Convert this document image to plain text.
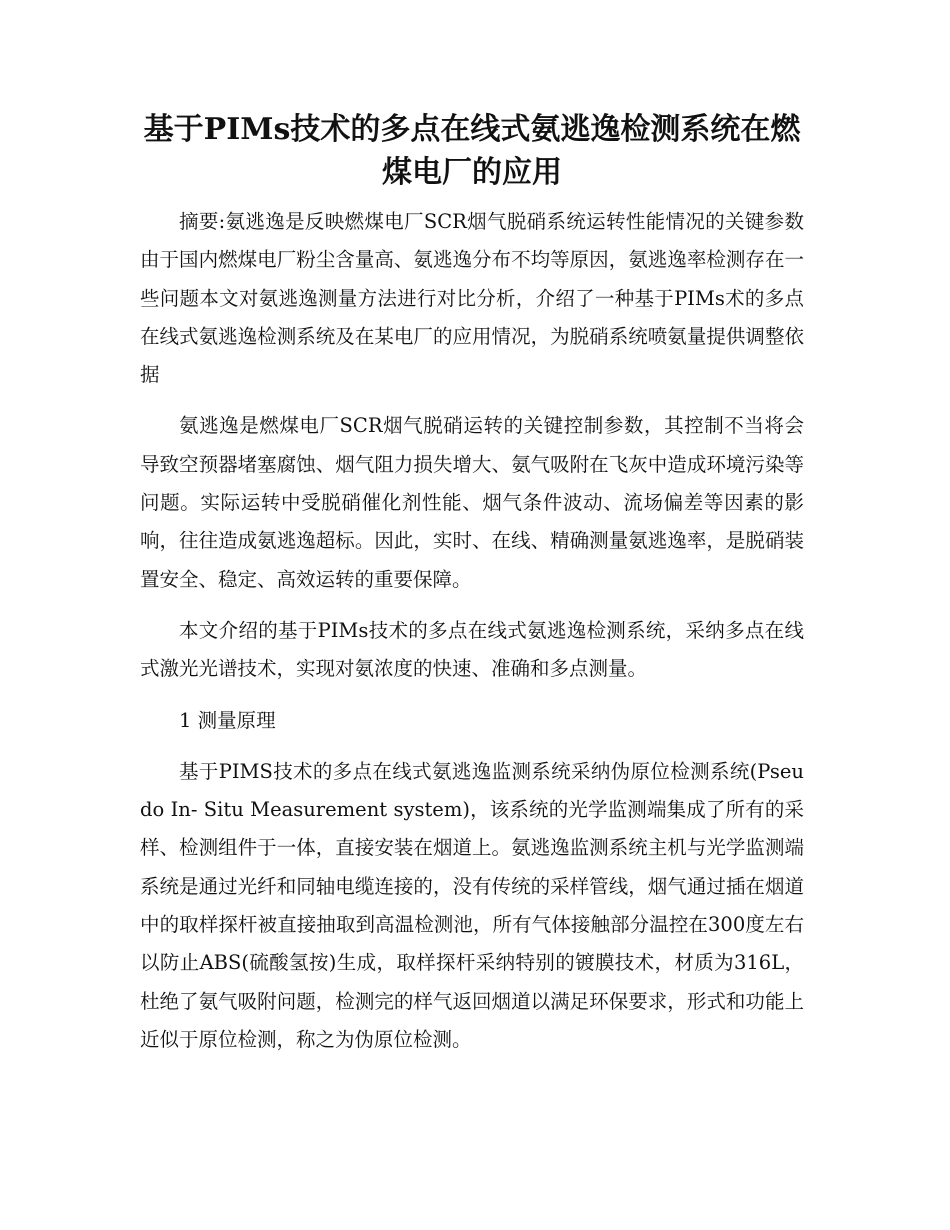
基于PIMs技术的多点在线式氨逃逸检测系统在燃煤电厂的应用

摘要:氨逃逸是反映燃煤电厂SCR烟气脱硝系统运转性能情况的关键参数由于国内燃煤电厂粉尘含量高、氨逃逸分布不均等原因，氨逃逸率检测存在一些问题本文对氨逃逸测量方法进行对比分析，介绍了一种基于PIMs术的多点在线式氨逃逸检测系统及在某电厂的应用情况，为脱硝系统喷氨量提供调整依据

氨逃逸是燃煤电厂SCR烟气脱硝运转的关键控制参数，其控制不当将会导致空预器堵塞腐蚀、烟气阻力损失增大、氨气吸附在飞灰中造成环境污染等问题。实际运转中受脱硝催化剂性能、烟气条件波动、流场偏差等因素的影响，往往造成氨逃逸超标。因此，实时、在线、精确测量氨逃逸率，是脱硝装置安全、稳定、高效运转的重要保障。

本文介绍的基于PIMs技术的多点在线式氨逃逸检测系统，采纳多点在线式激光光谱技术，实现对氨浓度的快速、准确和多点测量。

1 测量原理

基于PIMS技术的多点在线式氨逃逸监测系统采纳伪原位检测系统(Pseudo In- Situ Measurement system)，该系统的光学监测端集成了所有的采样、检测组件于一体，直接安装在烟道上。氨逃逸监测系统主机与光学监测端系统是通过光纤和同轴电缆连接的，没有传统的采样管线，烟气通过插在烟道中的取样探杆被直接抽取到高温检测池，所有气体接触部分温控在300度左右以防止ABS(硫酸氢按)生成，取样探杆采纳特别的镀膜技术，材质为316L，杜绝了氨气吸附问题，检测完的样气返回烟道以满足环保要求，形式和功能上近似于原位检测，称之为伪原位检测。
